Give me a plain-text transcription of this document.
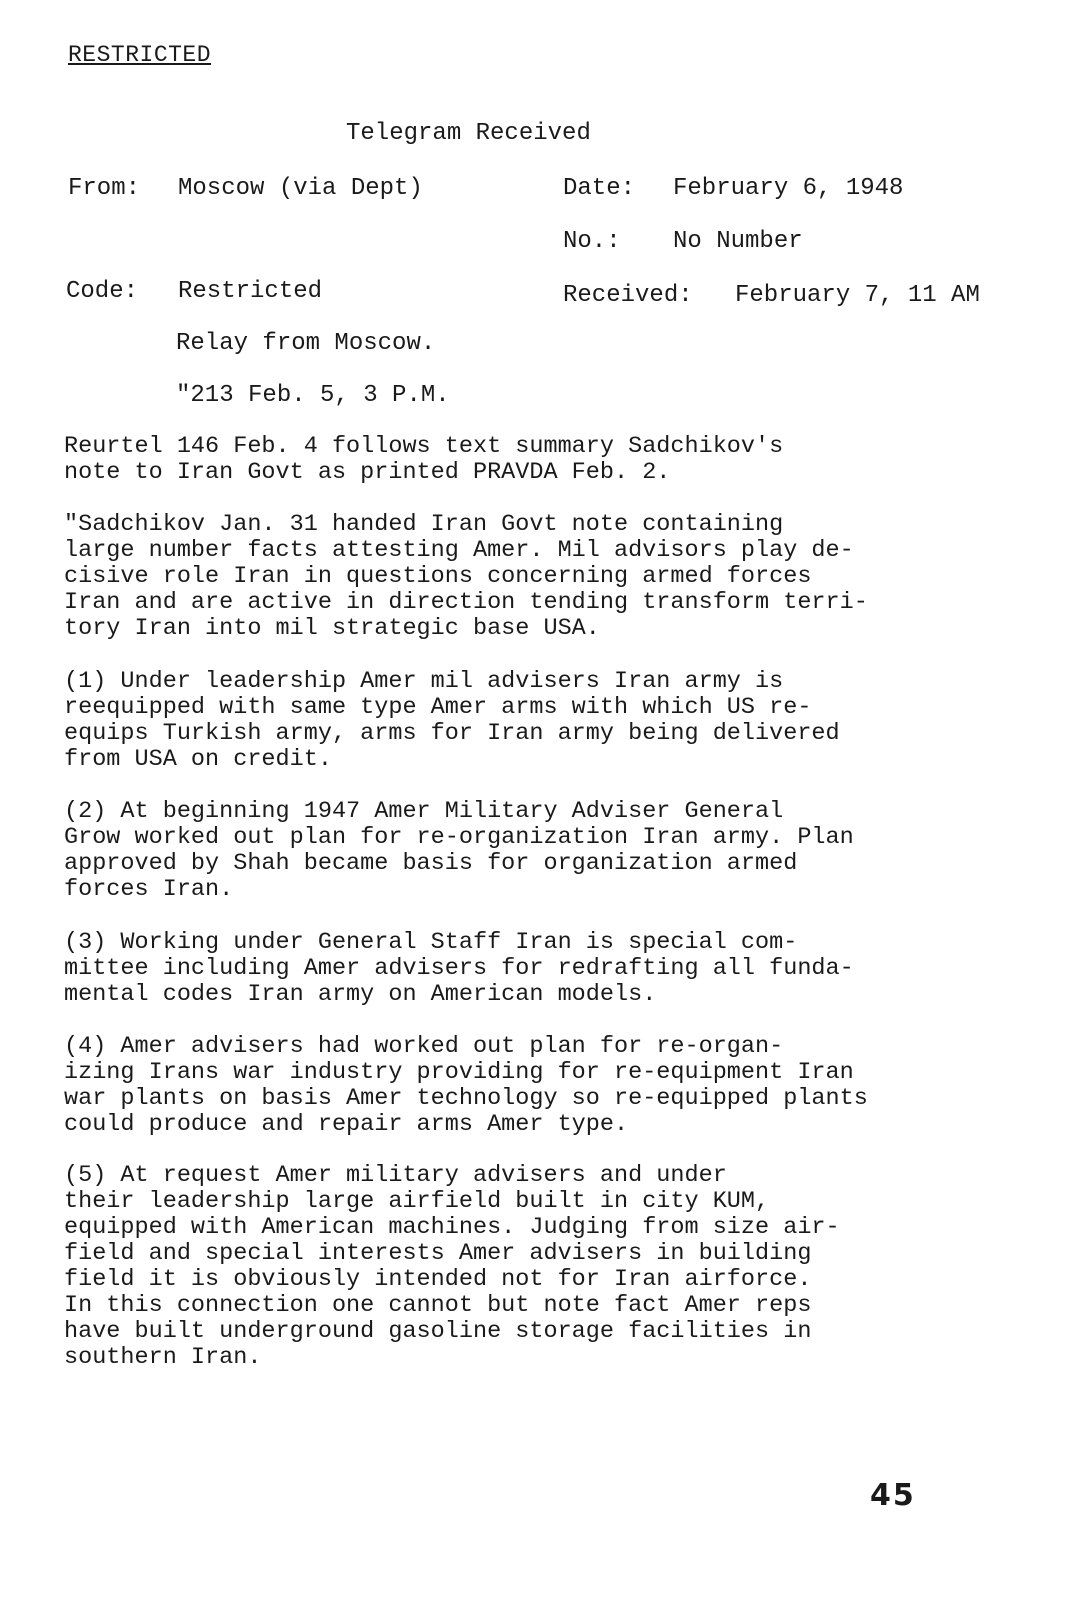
RESTRICTED
Telegram Received
From: Moscow (via Dept)	Date: February 6, 1948
No.: No Number
Code: Restricted	Received: February 7, 11 AM
Relay from Moscow.
"213 Feb. 5, 3 P.M.

Reurtel 146 Feb. 4 follows text summary Sadchikov's
note to Iran Govt as printed PRAVDA Feb. 2.

"Sadchikov Jan. 31 handed Iran Govt note containing
large number facts attesting Amer. Mil advisors play de-
cisive role Iran in questions concerning armed forces
Iran and are active in direction tending transform terri-
tory Iran into mil strategic base USA.

(1) Under leadership Amer mil advisers Iran army is
reequipped with same type Amer arms with which US re-
equips Turkish army, arms for Iran army being delivered
from USA on credit.

(2) At beginning 1947 Amer Military Adviser General
Grow worked out plan for re-organization Iran army. Plan
approved by Shah became basis for organization armed
forces Iran.

(3) Working under General Staff Iran is special com-
mittee including Amer advisers for redrafting all funda-
mental codes Iran army on American models.

(4) Amer advisers had worked out plan for re-organ-
izing Irans war industry providing for re-equipment Iran
war plants on basis Amer technology so re-equipped plants
could produce and repair arms Amer type.

(5) At request Amer military advisers and under
their leadership large airfield built in city KUM,
equipped with American machines. Judging from size air-
field and special interests Amer advisers in building
field it is obviously intended not for Iran airforce.
In this connection one cannot but note fact Amer reps
have built underground gasoline storage facilities in
southern Iran.

45
